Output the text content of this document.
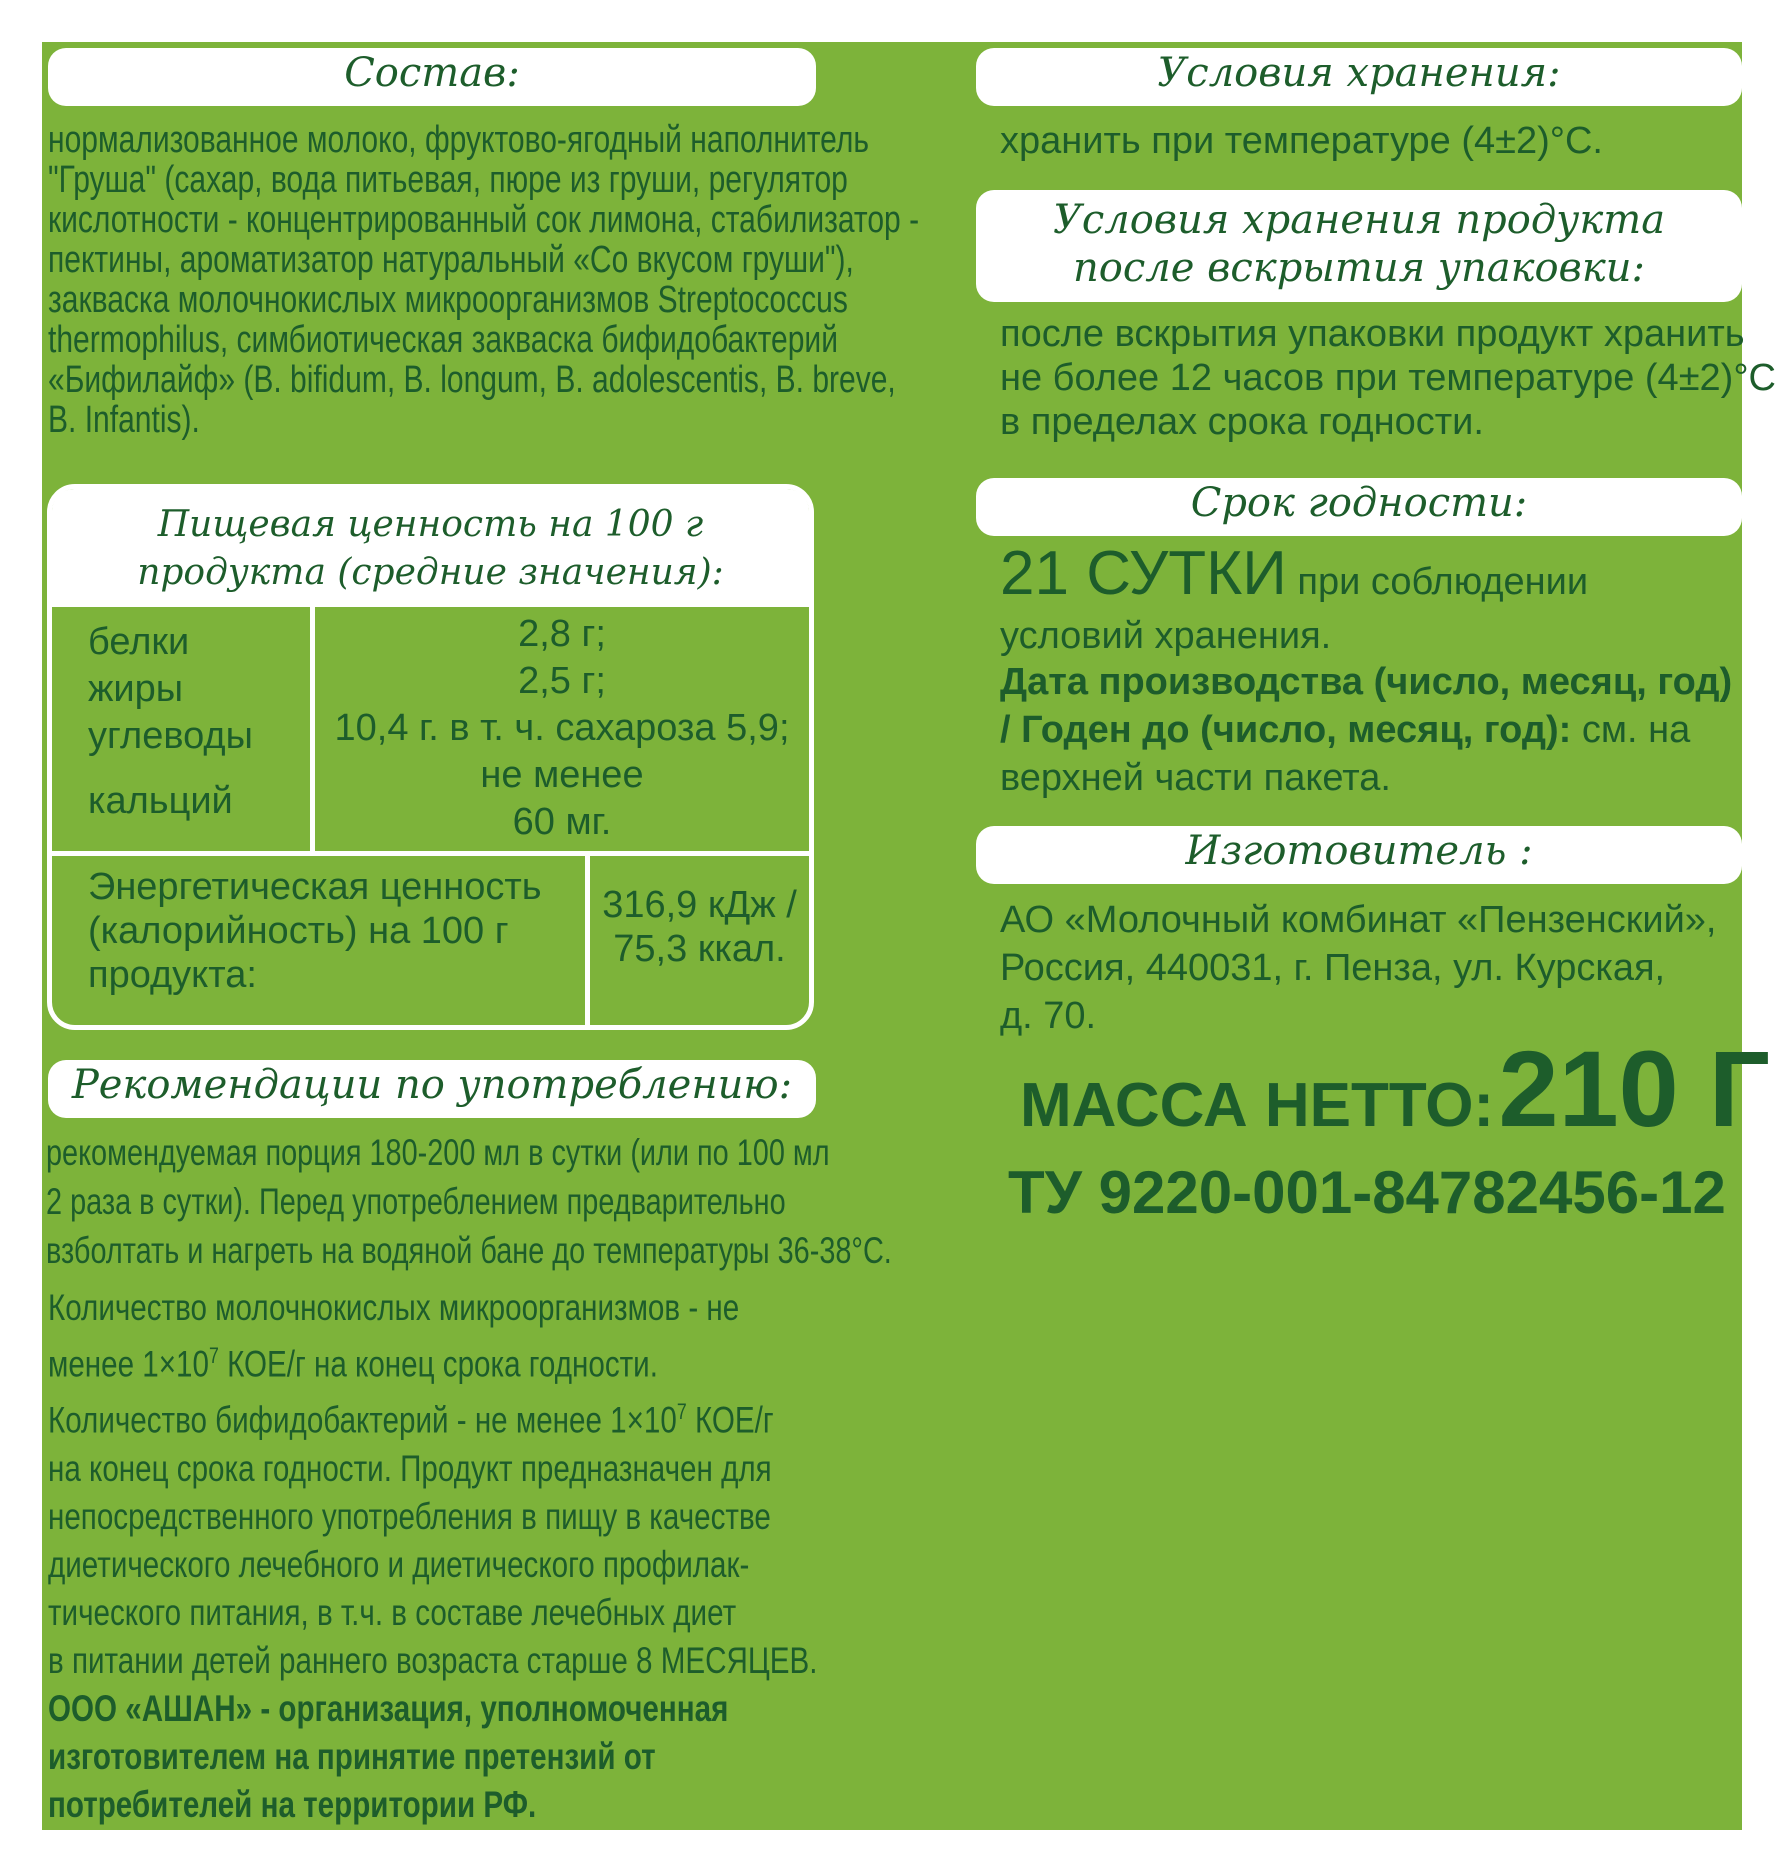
Состав:
нормализованное молоко, фруктово-ягодный наполнитель
"Груша" (сахар, вода питьевая, пюре из груши, регулятор
кислотности - концентрированный сок лимона, стабилизатор -
пектины, ароматизатор натуральный «Со вкусом груши"),
закваска молочнокислых микроорганизмов Streptococcus
thermophilus, симбиотическая закваска бифидобактерий
«Бифилайф» (B. bifidum, B. longum, B. adolescentis, B. breve,
B. Infantis).
Пищевая ценность на 100 г
продукта (средние значения):
белки
жиры
углеводы
кальций
2,8 г;
2,5 г;
10,4 г. в т. ч. сахароза 5,9;
не менее
60 мг.
Энергетическая ценность
(калорийность) на 100 г
продукта:
316,9 кДж /
75,3 ккал.
Рекомендации по употреблению:
рекомендуемая порция 180-200 мл в сутки (или по 100 мл
2 раза в сутки). Перед употреблением предварительно
взболтать и нагреть на водяной бане до температуры 36-38°С.
Количество молочнокислых микроорганизмов - не
менее $1\times 10^7$ КОЕ/г на конец срока годности.
Количество бифидобактерий - не менее $1\times 10^7$ КОЕ/г
на конец срока годности. Продукт предназначен для
непосредственного употребления в пищу в качестве
диетического лечебного и диетического профилак-
тического питания, в т.ч. в составе лечебных диет
в питании детей раннего возраста старше 8 МЕСЯЦЕВ.
ООО «АШАН» - организация, уполномоченная
изготовителем на принятие претензий от
потребителей на территории РФ.
Условия хранения:
хранить при температуре (4±2)°С.
Условия хранения продукта
после вскрытия упаковки:
после вскрытия упаковки продукт хранить
не более 12 часов при температуре (4±2)°С
в пределах срока годности.
Срок годности:
21 СУТКИ при соблюдении
условий хранения.
Дата производства (число, месяц, год)
/ Годен до (число, месяц, год): см. на
верхней части пакета.
Изготовитель :
АО «Молочный комбинат «Пензенский»,
Россия, 440031, г. Пенза, ул. Курская,
д. 70.
МАССА НЕТТО: 210 Г
ТУ 9220-001-84782456-12
